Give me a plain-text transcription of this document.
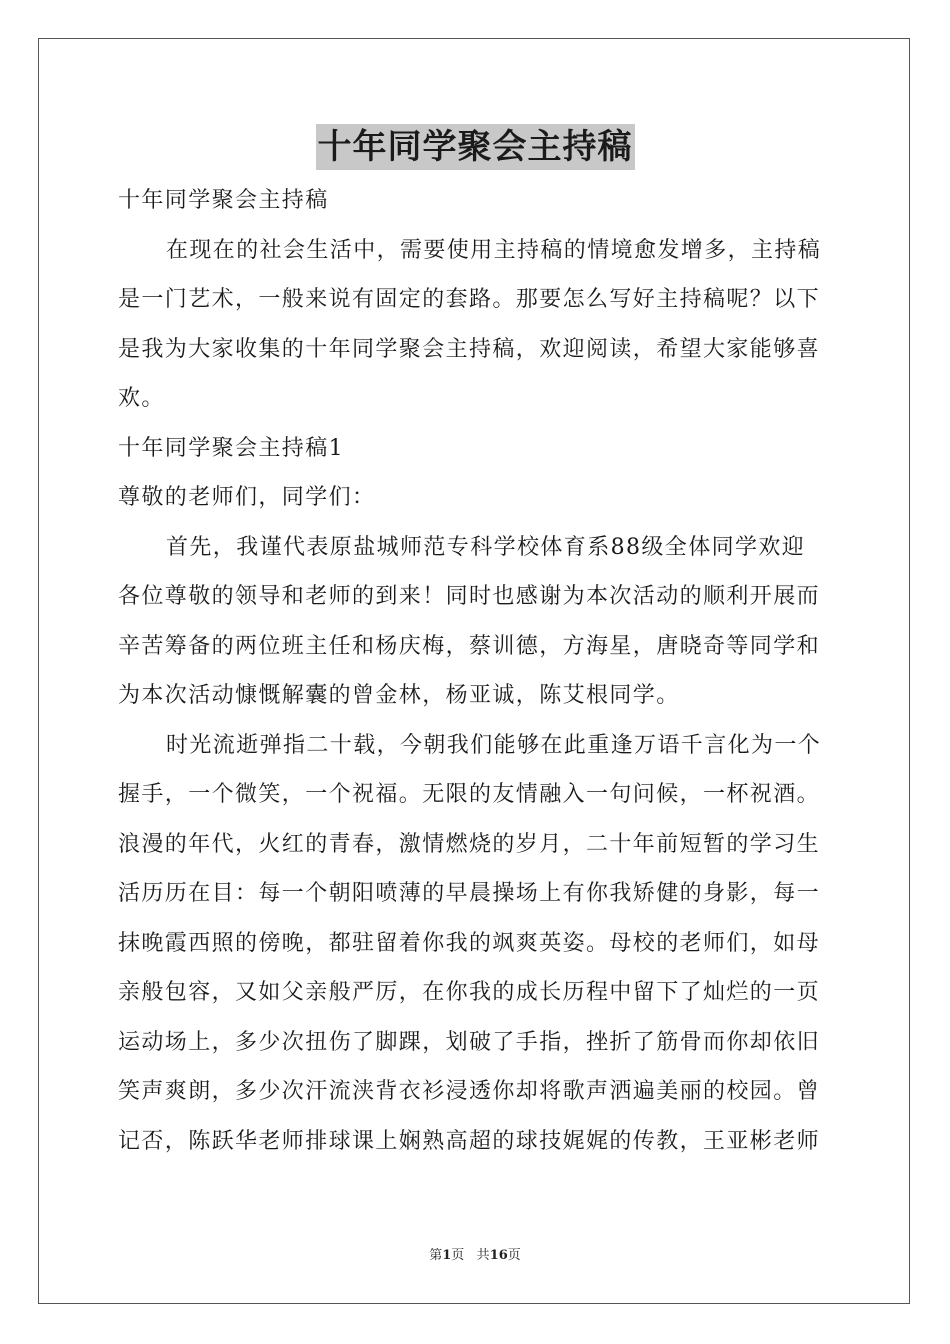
十年同学聚会主持稿
十年同学聚会主持稿
在现在的社会生活中，需要使用主持稿的情境愈发增多，主持稿
是一门艺术，一般来说有固定的套路。那要怎么写好主持稿呢？以下
是我为大家收集的十年同学聚会主持稿，欢迎阅读，希望大家能够喜
欢。
十年同学聚会主持稿1
尊敬的老师们，同学们：
首先，我谨代表原盐城师范专科学校体育系88级全体同学欢迎
各位尊敬的领导和老师的到来！同时也感谢为本次活动的顺利开展而
辛苦筹备的两位班主任和杨庆梅，蔡训德，方海星，唐晓奇等同学和
为本次活动慷慨解囊的曾金林，杨亚诚，陈艾根同学。
时光流逝弹指二十载，今朝我们能够在此重逢万语千言化为一个
握手，一个微笑，一个祝福。无限的友情融入一句问候，一杯祝酒。
浪漫的年代，火红的青春，激情燃烧的岁月，二十年前短暂的学习生
活历历在目：每一个朝阳喷薄的早晨操场上有你我矫健的身影，每一
抹晚霞西照的傍晚，都驻留着你我的飒爽英姿。母校的老师们，如母
亲般包容，又如父亲般严厉，在你我的成长历程中留下了灿烂的一页
运动场上，多少次扭伤了脚踝，划破了手指，挫折了筋骨而你却依旧
笑声爽朗，多少次汗流浃背衣衫浸透你却将歌声洒遍美丽的校园。曾
记否，陈跃华老师排球课上娴熟高超的球技娓娓的传教，王亚彬老师
第1页 共16页
